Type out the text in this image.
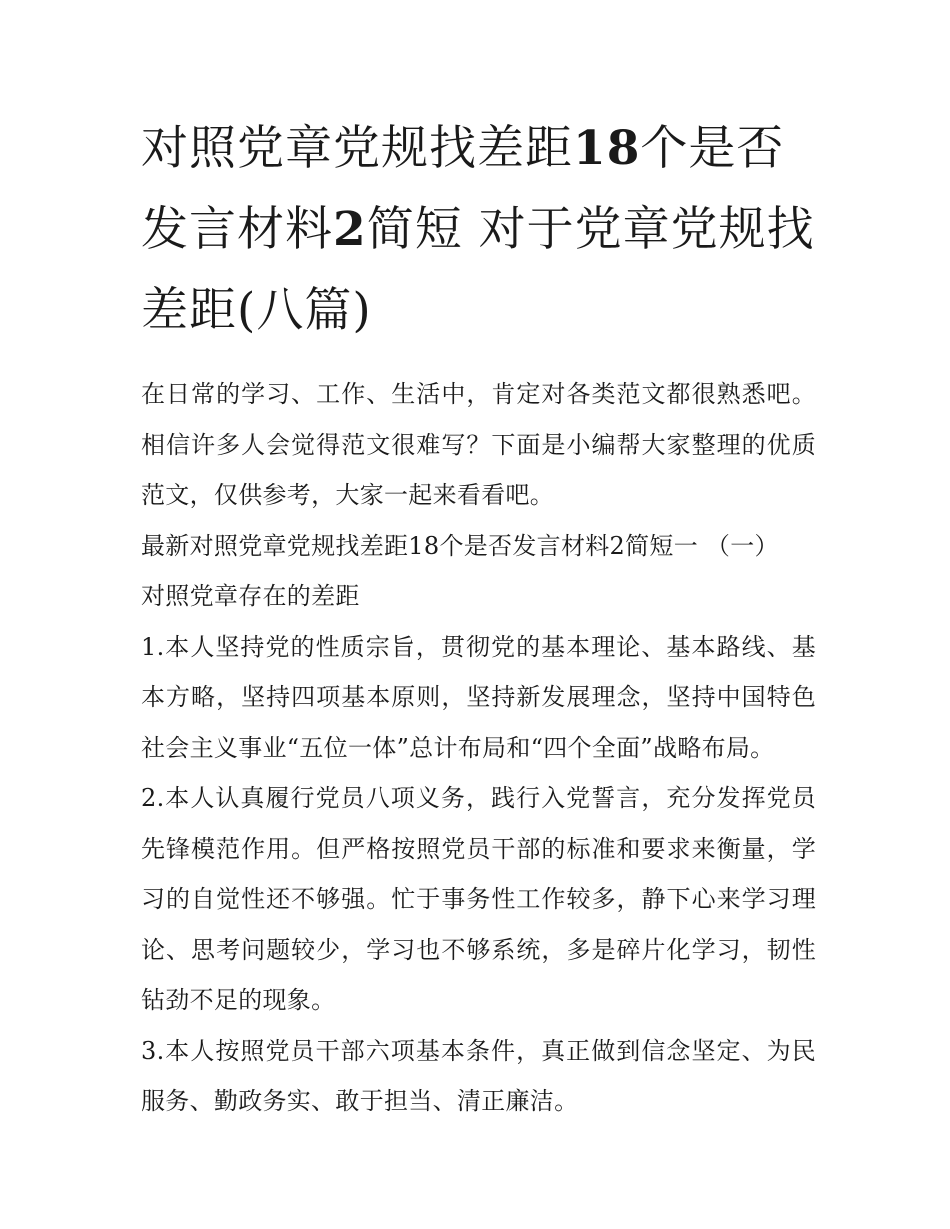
对照党章党规找差距18个是否发言材料2简短 对于党章党规找差距(八篇)

在日常的学习、工作、生活中，肯定对各类范文都很熟悉吧。相信许多人会觉得范文很难写？下面是小编帮大家整理的优质范文，仅供参考，大家一起来看看吧。

最新对照党章党规找差距18个是否发言材料2简短一 （一）

对照党章存在的差距

1.本人坚持党的性质宗旨，贯彻党的基本理论、基本路线、基本方略，坚持四项基本原则，坚持新发展理念，坚持中国特色社会主义事业“五位一体”总计布局和“四个全面”战略布局。

2.本人认真履行党员八项义务，践行入党誓言，充分发挥党员先锋模范作用。但严格按照党员干部的标准和要求来衡量，学习的自觉性还不够强。忙于事务性工作较多，静下心来学习理论、思考问题较少，学习也不够系统，多是碎片化学习，韧性钻劲不足的现象。

3.本人按照党员干部六项基本条件，真正做到信念坚定、为民服务、勤政务实、敢于担当、清正廉洁。
